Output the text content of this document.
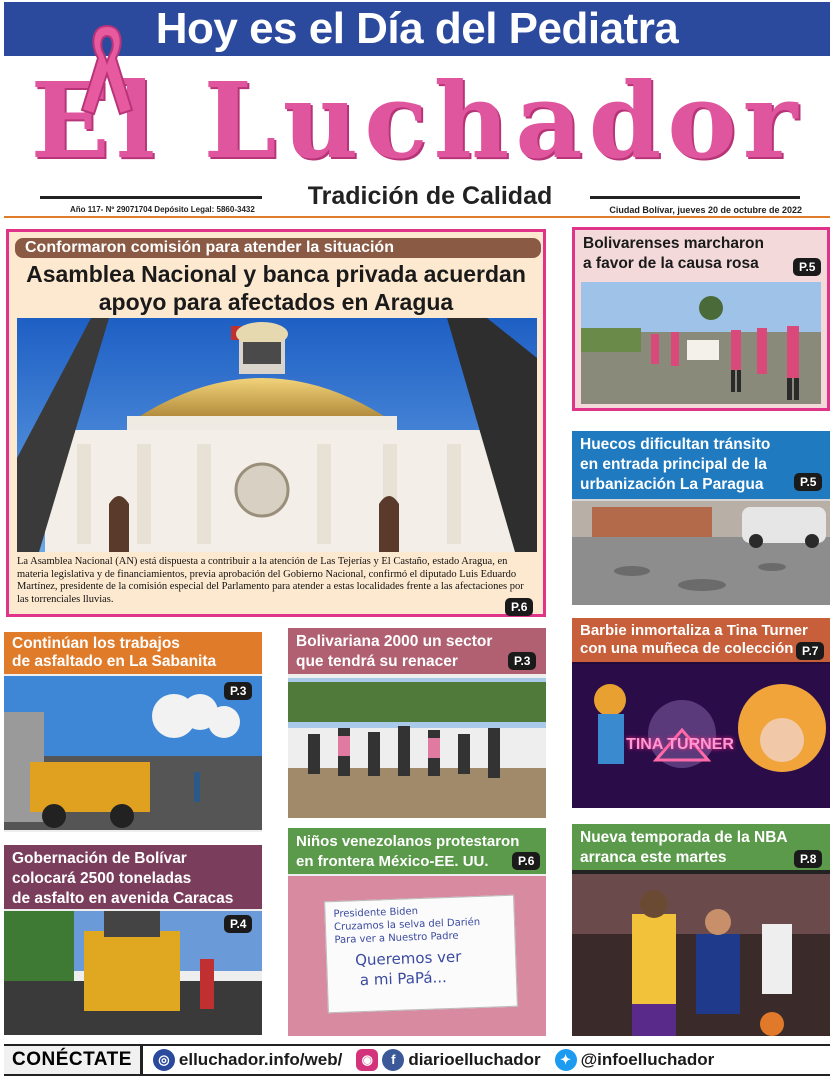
Hoy es el Día del Pediatra
El Luchador
Tradición de Calidad
Año 117- Nº 29071704 Depósito Legal: 5860-3432	Ciudad Bolívar, jueves 20 de octubre de 2022
Conformaron comisión para atender la situación
Asamblea Nacional y banca privada acuerdan
apoyo para afectados en Aragua
La Asamblea Nacional (AN) está dispuesta a contribuir a la atención de Las Tejerías y El Castaño, estado Aragua, en materia legislativa y de financiamientos, previa aprobación del Gobierno Nacional, confirmó el diputado Luis Eduardo Martínez, presidente de la comisión especial del Parlamento para atender a estas localidades frente a las afectaciones por las torrenciales lluvias.
P.6
Bolivarenses marcharon
a favor de la causa rosa	P.5
Huecos dificultan tránsito
en entrada principal de la
urbanización La Paragua	P.5
Continúan los trabajos
de asfaltado en La Sabanita
P.3
Bolivariana 2000 un sector
que tendrá su renacer	P.3
Barbie inmortaliza a Tina Turner
con una muñeca de colección P.7
TINA TURNER
Gobernación de Bolívar
colocará 2500 toneladas
de asfalto en avenida Caracas
P.4
Niños venezolanos protestaron
en frontera México-EE. UU.	P.6
Presidente Biden
Cruzamos la selva del Darién
Para ver a Nuestro Padre
Queremos ver
a mi PaPá...
Nueva temporada de la NBA
arranca este martes	P.8
CONÉCTATE	◎ elluchador.info/web/	◉	f diarioelluchador	✦ @infoelluchador
